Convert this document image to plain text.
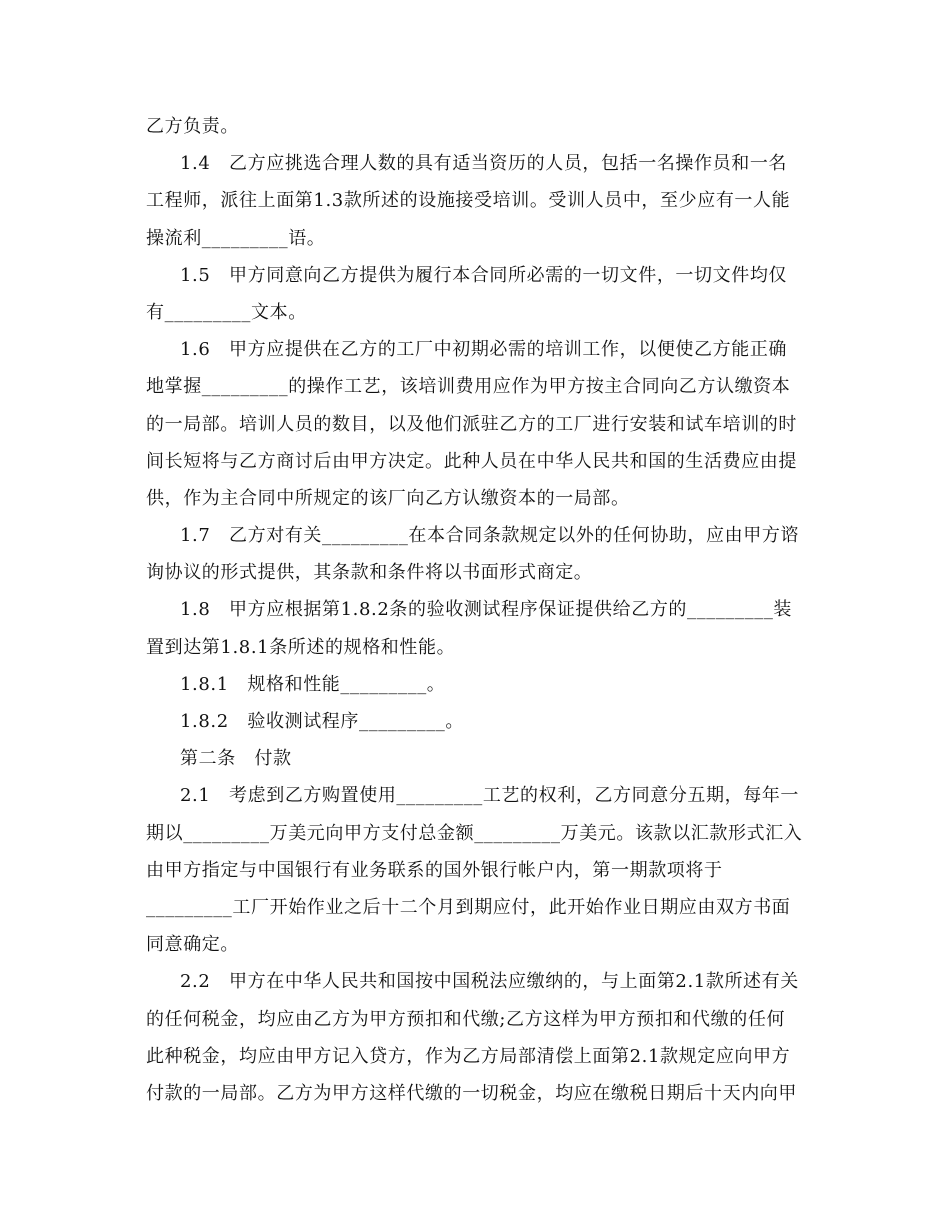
乙方负责。
1.4　乙方应挑选合理人数的具有适当资历的人员，包括一名操作员和一名
工程师，派往上面第1.3款所述的设施接受培训。受训人员中，至少应有一人能
操流利_________语。
1.5　甲方同意向乙方提供为履行本合同所必需的一切文件，一切文件均仅
有_________文本。
1.6　甲方应提供在乙方的工厂中初期必需的培训工作，以便使乙方能正确
地掌握_________的操作工艺，该培训费用应作为甲方按主合同向乙方认缴资本
的一局部。培训人员的数目，以及他们派驻乙方的工厂进行安装和试车培训的时
间长短将与乙方商讨后由甲方决定。此种人员在中华人民共和国的生活费应由提
供，作为主合同中所规定的该厂向乙方认缴资本的一局部。
1.7　乙方对有关_________在本合同条款规定以外的任何协助，应由甲方谘
询协议的形式提供，其条款和条件将以书面形式商定。
1.8　甲方应根据第1.8.2条的验收测试程序保证提供给乙方的_________装
置到达第1.8.1条所述的规格和性能。
1.8.1　规格和性能_________。
1.8.2　验收测试程序_________。
第二条　付款
2.1　考虑到乙方购置使用_________工艺的权利，乙方同意分五期，每年一
期以_________万美元向甲方支付总金额_________万美元。该款以汇款形式汇入
由甲方指定与中国银行有业务联系的国外银行帐户内，第一期款项将于
_________工厂开始作业之后十二个月到期应付，此开始作业日期应由双方书面
同意确定。
2.2　甲方在中华人民共和国按中国税法应缴纳的，与上面第2.1款所述有关
的任何税金，均应由乙方为甲方预扣和代缴;乙方这样为甲方预扣和代缴的任何
此种税金，均应由甲方记入贷方，作为乙方局部清偿上面第2.1款规定应向甲方
付款的一局部。乙方为甲方这样代缴的一切税金，均应在缴税日期后十天内向甲
